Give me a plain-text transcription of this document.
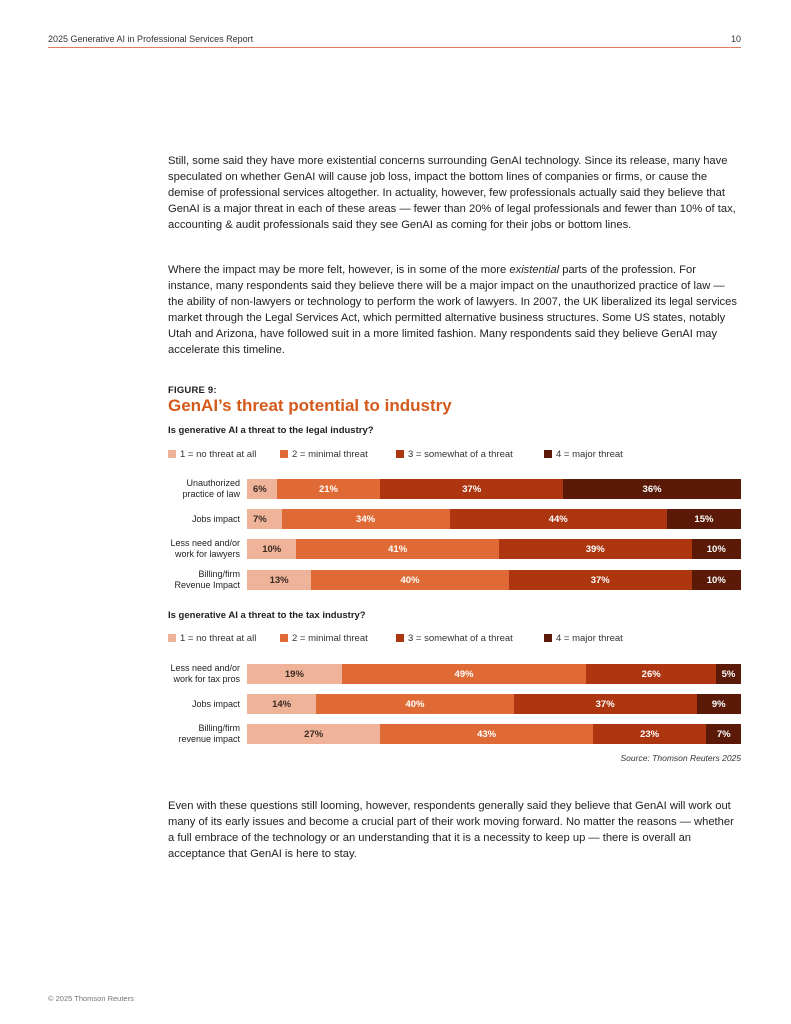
2025 Generative AI in Professional Services Report	10

Still, some said they have more existential concerns surrounding GenAI technology. Since its release, many have speculated on whether GenAI will cause job loss, impact the bottom lines of companies or firms, or cause the demise of professional services altogether. In actuality, however, few professionals actually said they believe that GenAI is a major threat in each of these areas — fewer than 20% of legal professionals and fewer than 10% of tax, accounting & audit professionals said they see GenAI as coming for their jobs or bottom lines.

Where the impact may be more felt, however, is in some of the more existential parts of the profession. For instance, many respondents said they believe there will be a major impact on the unauthorized practice of law — the ability of non-lawyers or technology to perform the work of lawyers. In 2007, the UK liberalized its legal services market through the Legal Services Act, which permitted alternative business structures. Some US states, notably Utah and Arizona, have followed suit in a more limited fashion. Many respondents said they believe GenAI may accelerate this timeline.

FIGURE 9:
GenAI’s threat potential to industry
Is generative AI a threat to the legal industry?
1 = no threat at all	2 = minimal threat	3 = somewhat of a threat	4 = major threat
Unauthorized
practice of law 6%	21%	37%	36%
Jobs impact 7%	34%	44%	15%
Less need and/or
work for lawyers 10%	41%	39%	10%
Billing/firm
Revenue Impact	13%	40%	37%	10%
Is generative AI a threat to the tax industry?
1 = no threat at all	2 = minimal threat	3 = somewhat of a threat	4 = major threat
Less need and/or
work for tax pros	19%	49%	26%	5%
Jobs impact	14%	40%	37%	9%
Billing/firm
revenue impact	27%	43%	23%	7%
Source: Thomson Reuters 2025

Even with these questions still looming, however, respondents generally said they believe that GenAI will work out many of its early issues and become a crucial part of their work moving forward. No matter the reasons — whether a full embrace of the technology or an understanding that it is a necessity to keep up — there is overall an acceptance that GenAI is here to stay.

© 2025 Thomson Reuters
